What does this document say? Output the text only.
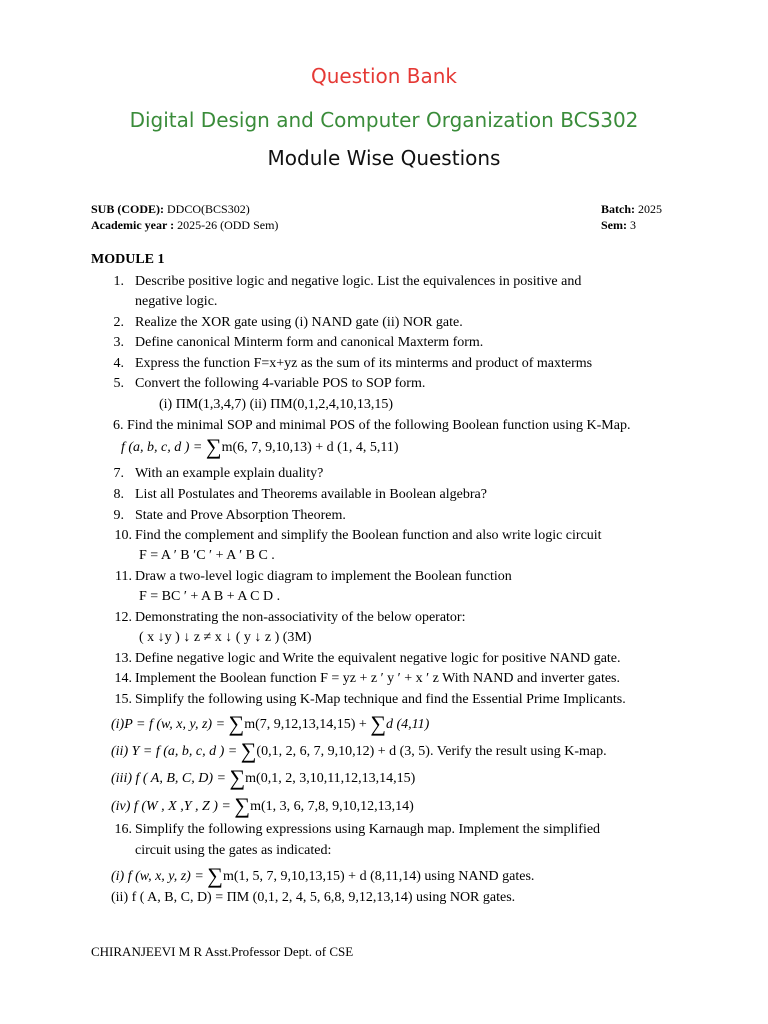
Question Bank
Digital Design and Computer Organization BCS302
Module Wise Questions
SUB (CODE): DDCO(BCS302)
Academic year : 2025-26 (ODD Sem)
Batch: 2025
Sem: 3
MODULE 1
1. Describe positive logic and negative logic. List the equivalences in positive and
negative logic.
2. Realize the XOR gate using (i) NAND gate (ii) NOR gate.
3. Define canonical Minterm form and canonical Maxterm form.
4. Express the function F=x+yz as the sum of its minterms and product of maxterms
5. Convert the following 4-variable POS to SOP form.
(i) ΠM(1,3,4,7) (ii) ΠM(0,1,2,4,10,13,15)
6. Find the minimal SOP and minimal POS of the following Boolean function using K-Map.
f (a, b, c, d ) = ∑m(6, 7, 9,10,13) + d (1, 4, 5,11)
7. With an example explain duality?
8. List all Postulates and Theorems available in Boolean algebra?
9. State and Prove Absorption Theorem.
10. Find the complement and simplify the Boolean function and also write logic circuit
F = A ′ B ′C ′ + A ′ B C .
11. Draw a two-level logic diagram to implement the Boolean function
F = BC ′ + A B + A C D .
12. Demonstrating the non-associativity of the below operator:
( x ↓y ) ↓ z ≠ x ↓ ( y ↓ z ) (3M)
13. Define negative logic and Write the equivalent negative logic for positive NAND gate.
14. Implement the Boolean function F = yz + z ′ y ′ + x ′ z With NAND and inverter gates.
15. Simplify the following using K-Map technique and find the Essential Prime Implicants.
(i)P = f (w, x, y, z) = ∑m(7, 9,12,13,14,15) + ∑d (4,11)
(ii) Y = f (a, b, c, d ) = ∑(0,1, 2, 6, 7, 9,10,12) + d (3, 5). Verify the result using K-map.
(iii) f ( A, B, C, D) = ∑m(0,1, 2, 3,10,11,12,13,14,15)
(iv) f (W , X ,Y , Z ) = ∑m(1, 3, 6, 7,8, 9,10,12,13,14)
16. Simplify the following expressions using Karnaugh map. Implement the simplified
circuit using the gates as indicated:
(i) f (w, x, y, z) = ∑m(1, 5, 7, 9,10,13,15) + d (8,11,14) using NAND gates.
(ii) f ( A, B, C, D) = ΠM (0,1, 2, 4, 5, 6,8, 9,12,13,14) using NOR gates.
CHIRANJEEVI M R Asst.Professor Dept. of CSE
